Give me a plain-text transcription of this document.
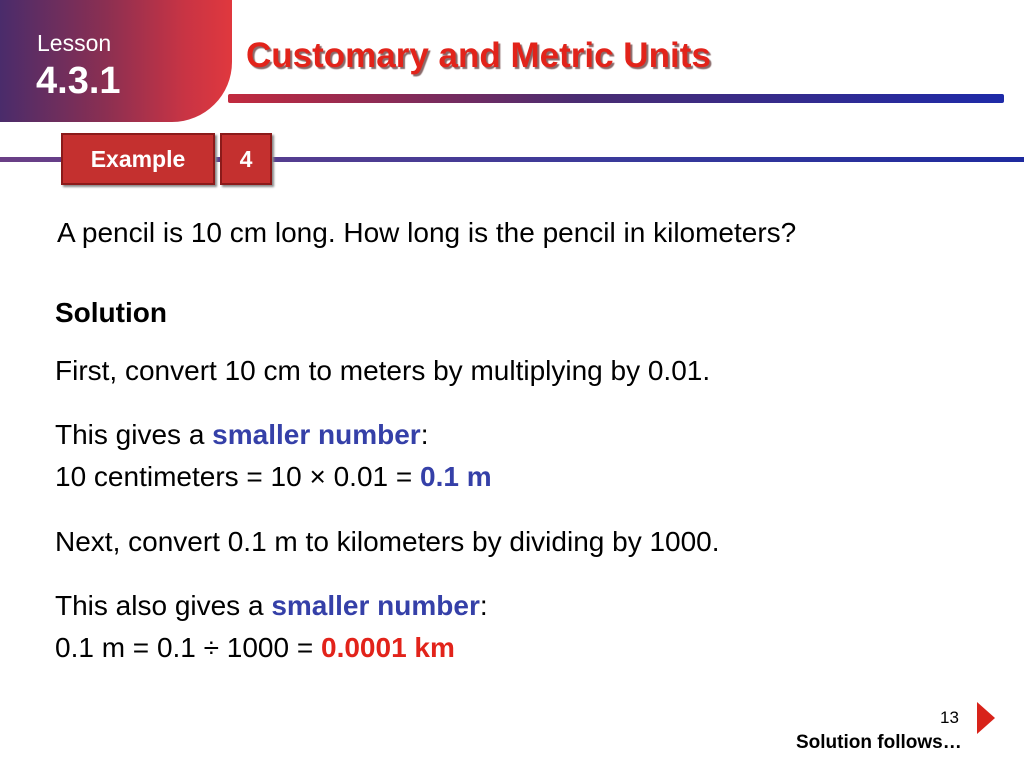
Lesson
4.3.1
Customary and Metric Units
Example	4
A pencil is 10 cm long. How long is the pencil in kilometers?
Solution
First, convert 10 cm to meters by multiplying by 0.01.
This gives a smaller number:
10 centimeters = 10 × 0.01 = 0.1 m
Next, convert 0.1 m to kilometers by dividing by 1000.
This also gives a smaller number:
0.1 m = 0.1 ÷ 1000 = 0.0001 km
13
Solution follows…
